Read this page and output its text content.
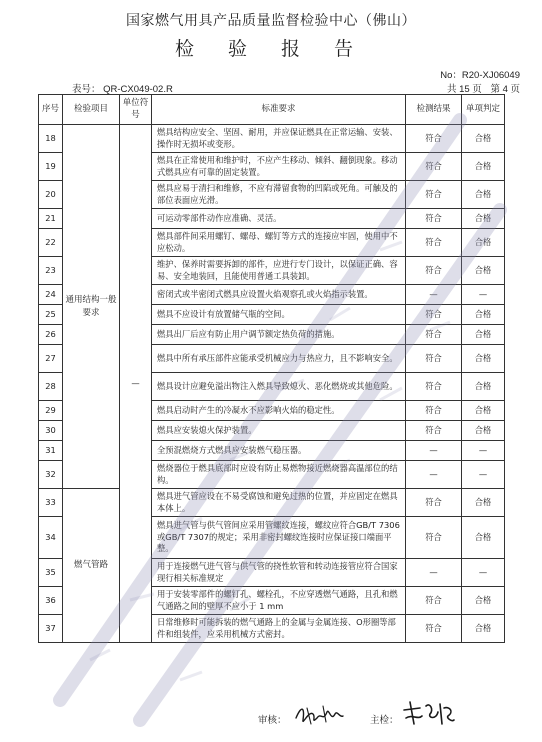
国家燃气用具产品质量监督检验中心（佛山）
检 验 报 告
No：R20-XJ06049
表号： QR-CX049-02.R	共 15 页 第 4 页
序号	检验项目	单位符号	标准要求	检测结果	单项判定
18	通用结构一般要求	—	燃具结构应安全、坚固、耐用，并应保证燃具在正常运输、安装、操作时无损坏或变形。	符合	合格
19			燃具在正常使用和维护时，不应产生移动、倾斜、翻倒现象。移动式燃具应有可靠的固定装置。	符合	合格
20			燃具应易于清扫和维修，不应有滞留食物的凹陷或死角。可触及的部位表面应光滑。	符合	合格
21			可运动零部件动作应准确、灵活。	符合	合格
22			燃具部件间采用螺钉、螺母、螺钉等方式的连接应牢固，使用中不应松动。	符合	合格
23			维护、保养时需要拆卸的部件，应进行专门设计，以保证正确、容易、安全地装回，且能使用普通工具装卸。	符合	合格
24			密闭式或半密闭式燃具应设置火焰观察孔或火焰指示装置。	—	—
25			燃具不应设计有放置储气瓶的空间。	符合	合格
26			燃具出厂后应有防止用户调节额定热负荷的措施。	符合	合格
27			燃具中所有承压部件应能承受机械应力与热应力，且不影响安全。	符合	合格
28			燃具设计应避免溢出物注入燃具导致熄火、恶化燃烧或其他危险。	符合	合格
29			燃具启动时产生的冷凝水不应影响火焰的稳定性。	符合	合格
30			燃具应安装熄火保护装置。	符合	合格
31			全预混燃烧方式燃具应安装燃气稳压器。	—	—
32			燃烧器位于燃具底部时应设有防止易燃物接近燃烧器高温部位的结构。	—	—
33	燃气管路		燃具进气管应设在不易受腐蚀和避免过热的位置，并应固定在燃具本体上。	符合	合格
34			燃具进气管与供气管间应采用管螺纹连接，螺纹应符合GB/T 7306或GB/T 7307的规定；采用非密封螺纹连接时应保证接口端面平整。	符合	合格
35			用于连接燃气进气管与供气管的挠性软管和转动连接管应符合国家现行相关标准规定	—	—
36			用于安装零部件的螺钉孔、螺栓孔，不应穿透燃气通路，且孔和燃气通路之间的壁厚不应小于 1 mm	符合	合格
37			日常维修时可能拆装的燃气通路上的金属与金属连接、O形圈等部件和组装件，应采用机械方式密封。	符合	合格
审核：	主检：
